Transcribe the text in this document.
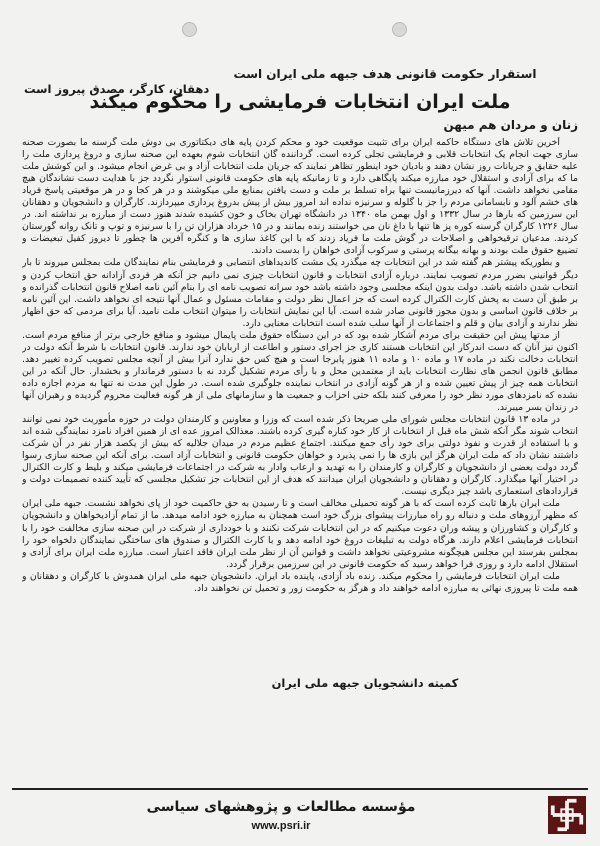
استقرار حکومت قانونی هدف جبهه ملی ایران است
دهقان، کارگر، مصدق پیروز است
ملت ایران انتخابات فرمایشی را محکوم میکند
زنان و مردان هم میهن

آخرین تلاش های دستگاه حاکمه ایران برای تثبیت موقعیت خود و محکم کردن پایه های دیکتاتوری بی دوش ملت گرسنه ما بصورت صحنه سازی جهت انجام یک انتخابات قلابی و فرمایشی تجلی کرده است. گرداننده گان انتخابات شوم بعهده این صحنه سازی و دروغ پردازی ملت را علیه حقایق و جریانات روز نشان دهند و بادیان خود اینطور تظاهر نمایند که جریان ملت انتخابات آزاد و بی غرض انجام میشود. و این کوشش ملت ما که برای آزادی و استقلال خود مبارزه میکند پایگاهی دارد و تا زمانیکه پایه های حکومت قانونی استوار نگردد جز با هدایت دست نشاندگان هیچ مقامی نخواهد داشت. آنها که دیرزمانیست تنها براه تسلط بر ملت و دست یافتن بمنابع ملی میکوشند و در هر کجا و در هر موقعیتی پاسخ فریاد های خشم آلود و نابسامانی مردم را جز با گلوله و سرنیزه نداده اند امروز بیش از پیش بدروغ پردازی میپردازند. کارگران و دانشجویان و دهقانان این سرزمین که بارها در سال ۱۳۳۲ و اول بهمن ماه ۱۳۴۰ در دانشگاه تهران بخاک و خون کشیده شدند هنوز دست از مبارزه بر نداشته اند. در سال ۱۲۲۶ کارگران گرسنه کوره پز ها تنها با داغ نان می خواستند زنده بمانند و در ۱۵ خرداد هزاران تن را با سرنیزه و توپ و تانک روانه گورستان کردند. مدعیان ترقیخواهی و اصلاحات در گوش ملت ما فریاد زدند که با این کاغذ سازی ها و کنگره آفرین ها چطور تا دیروز کفیل تبعیضات و تضییع حقوق ملت بودند و بهانه بیگانه پرستی و سرکوب آزادی خواهان را بدست دادند.

و بطوریکه پیشتر هم گفته شد در این انتخابات چه میگذرد یک مشت کاندیداهای انتصابی و فرمایشی بنام نمایندگان ملت بمجلس میروند تا بار دیگر قوانینی بضرر مردم تصویب نمایند. درباره آزادی انتخابات و قانون انتخابات چیزی نمی دانیم جز آنکه هر فردی آزادانه حق انتخاب کردن و انتخاب شدن داشته باشد. دولت بدون اینکه مجلسی وجود داشته باشد خود سرانه تصویب نامه ای را بنام آئین نامه اصلاح قانون انتخابات گذرانده و بر طبق آن دست به پخش کارت الکترال کرده است که جز اعمال نظر دولت و مقامات مسئول و عمال آنها نتیجه ای نخواهد داشت. این آئین نامه بر خلاف قانون اساسی و بدون مجوز قانونی صادر شده است. آیا این نمایش انتخابات را میتوان انتخاب ملت نامید. آیا برای مردمی که حق اظهار نظر ندارند و آزادی بیان و قلم و اجتماعات از آنها سلب شده است انتخابات معنایی دارد.

از مدتها پیش این حقیقت برای مردم آشکار شده بود که در این دستگاه حقوق ملت پایمال میشود و منافع خارجی برتر از منافع مردم است. اکنون نیز آنان که دست اندرکار این انتخابات هستند کاری جز اجرای دستور و اطاعت از اربابان خود ندارند. قانون انتخابات با شرط آنکه دولت در انتخابات دخالت نکند در ماده ۱۷ و ماده ۱۰ و ماده ۱۱ هنوز پابرجا است و هیچ کس حق ندارد آنرا بیش از آنچه مجلس تصویب کرده تغییر دهد. مطابق قانون انجمن های نظارت انتخابات باید از معتمدین محل و با رأی مردم تشکیل گردد نه با دستور فرماندار و بخشدار. حال آنکه در این انتخابات همه چیز از پیش تعیین شده و از هر گونه آزادی در انتخاب نماینده جلوگیری شده است. در طول این مدت نه تنها به مردم اجازه داده نشده که نامزدهای مورد نظر خود را معرفی کنند بلکه حتی احزاب و جمعیت ها و سازمانهای ملی از هر گونه فعالیت محروم گردیده و رهبران آنها در زندان بسر میبرند.

در ماده ۱۳ قانون انتخابات مجلس شورای ملی صریحا ذکر شده است که وزرا و معاونین و کارمندان دولت در حوزه مأموریت خود نمی توانند انتخاب شوند مگر آنکه شش ماه قبل از انتخابات از کار خود کناره گیری کرده باشند. معذالک امروز عده ای از همین افراد نامزد نمایندگی شده اند و با استفاده از قدرت و نفوذ دولتی برای خود رأی جمع میکنند. اجتماع عظیم مردم در میدان جلالیه که بیش از یکصد هزار نفر در آن شرکت داشتند نشان داد که ملت ایران هرگز این بازی ها را نمی پذیرد و خواهان حکومت قانونی و انتخابات آزاد است. برای آنکه این صحنه سازی رسوا گردد دولت بعضی از دانشجویان و کارگران و کارمندان را به تهدید و ارعاب وادار به شرکت در اجتماعات فرمایشی میکند و بلیط و کارت الکترال در اختیار آنها میگذارد. کارگران و دهقانان و دانشجویان ایران میدانند که هدف از این انتخابات جز تشکیل مجلسی که تأیید کننده تصمیمات دولت و قراردادهای استعماری باشد چیز دیگری نیست.

ملت ایران بارها ثابت کرده است که با هر گونه تحمیلی مخالف است و تا رسیدن به حق حاکمیت خود از پای نخواهد نشست. جبهه ملی ایران که مظهر آرزوهای ملت و دنباله رو راه مبارزات پیشوای بزرگ خود است همچنان به مبارزه خود ادامه میدهد. ما از تمام آزادیخواهان و دانشجویان و کارگران و کشاورزان و پیشه وران دعوت میکنیم که در این انتخابات شرکت نکنند و با خودداری از شرکت در این صحنه سازی مخالفت خود را با انتخابات فرمایشی اعلام دارند. هرگاه دولت به تبلیغات دروغ خود ادامه دهد و با کارت الکترال و صندوق های ساختگی نمایندگان دلخواه خود را بمجلس بفرستد این مجلس هیچگونه مشروعیتی نخواهد داشت و قوانین آن از نظر ملت ایران فاقد اعتبار است. مبارزه ملت ایران برای آزادی و استقلال ادامه دارد و روزی فرا خواهد رسید که حکومت قانونی در این سرزمین برقرار گردد.

ملت ایران انتخابات فرمایشی را محکوم میکند. زنده باد آزادی، پاینده باد ایران. دانشجویان جبهه ملی ایران همدوش با کارگران و دهقانان و همه ملت تا پیروزی نهائی به مبارزه ادامه خواهند داد و هرگز به حکومت زور و تحمیل تن نخواهند داد.

کمیته دانشجویان جبهه ملی ایران
مؤسسه مطالعات و پژوهشهای سیاسی
www.psri.ir
